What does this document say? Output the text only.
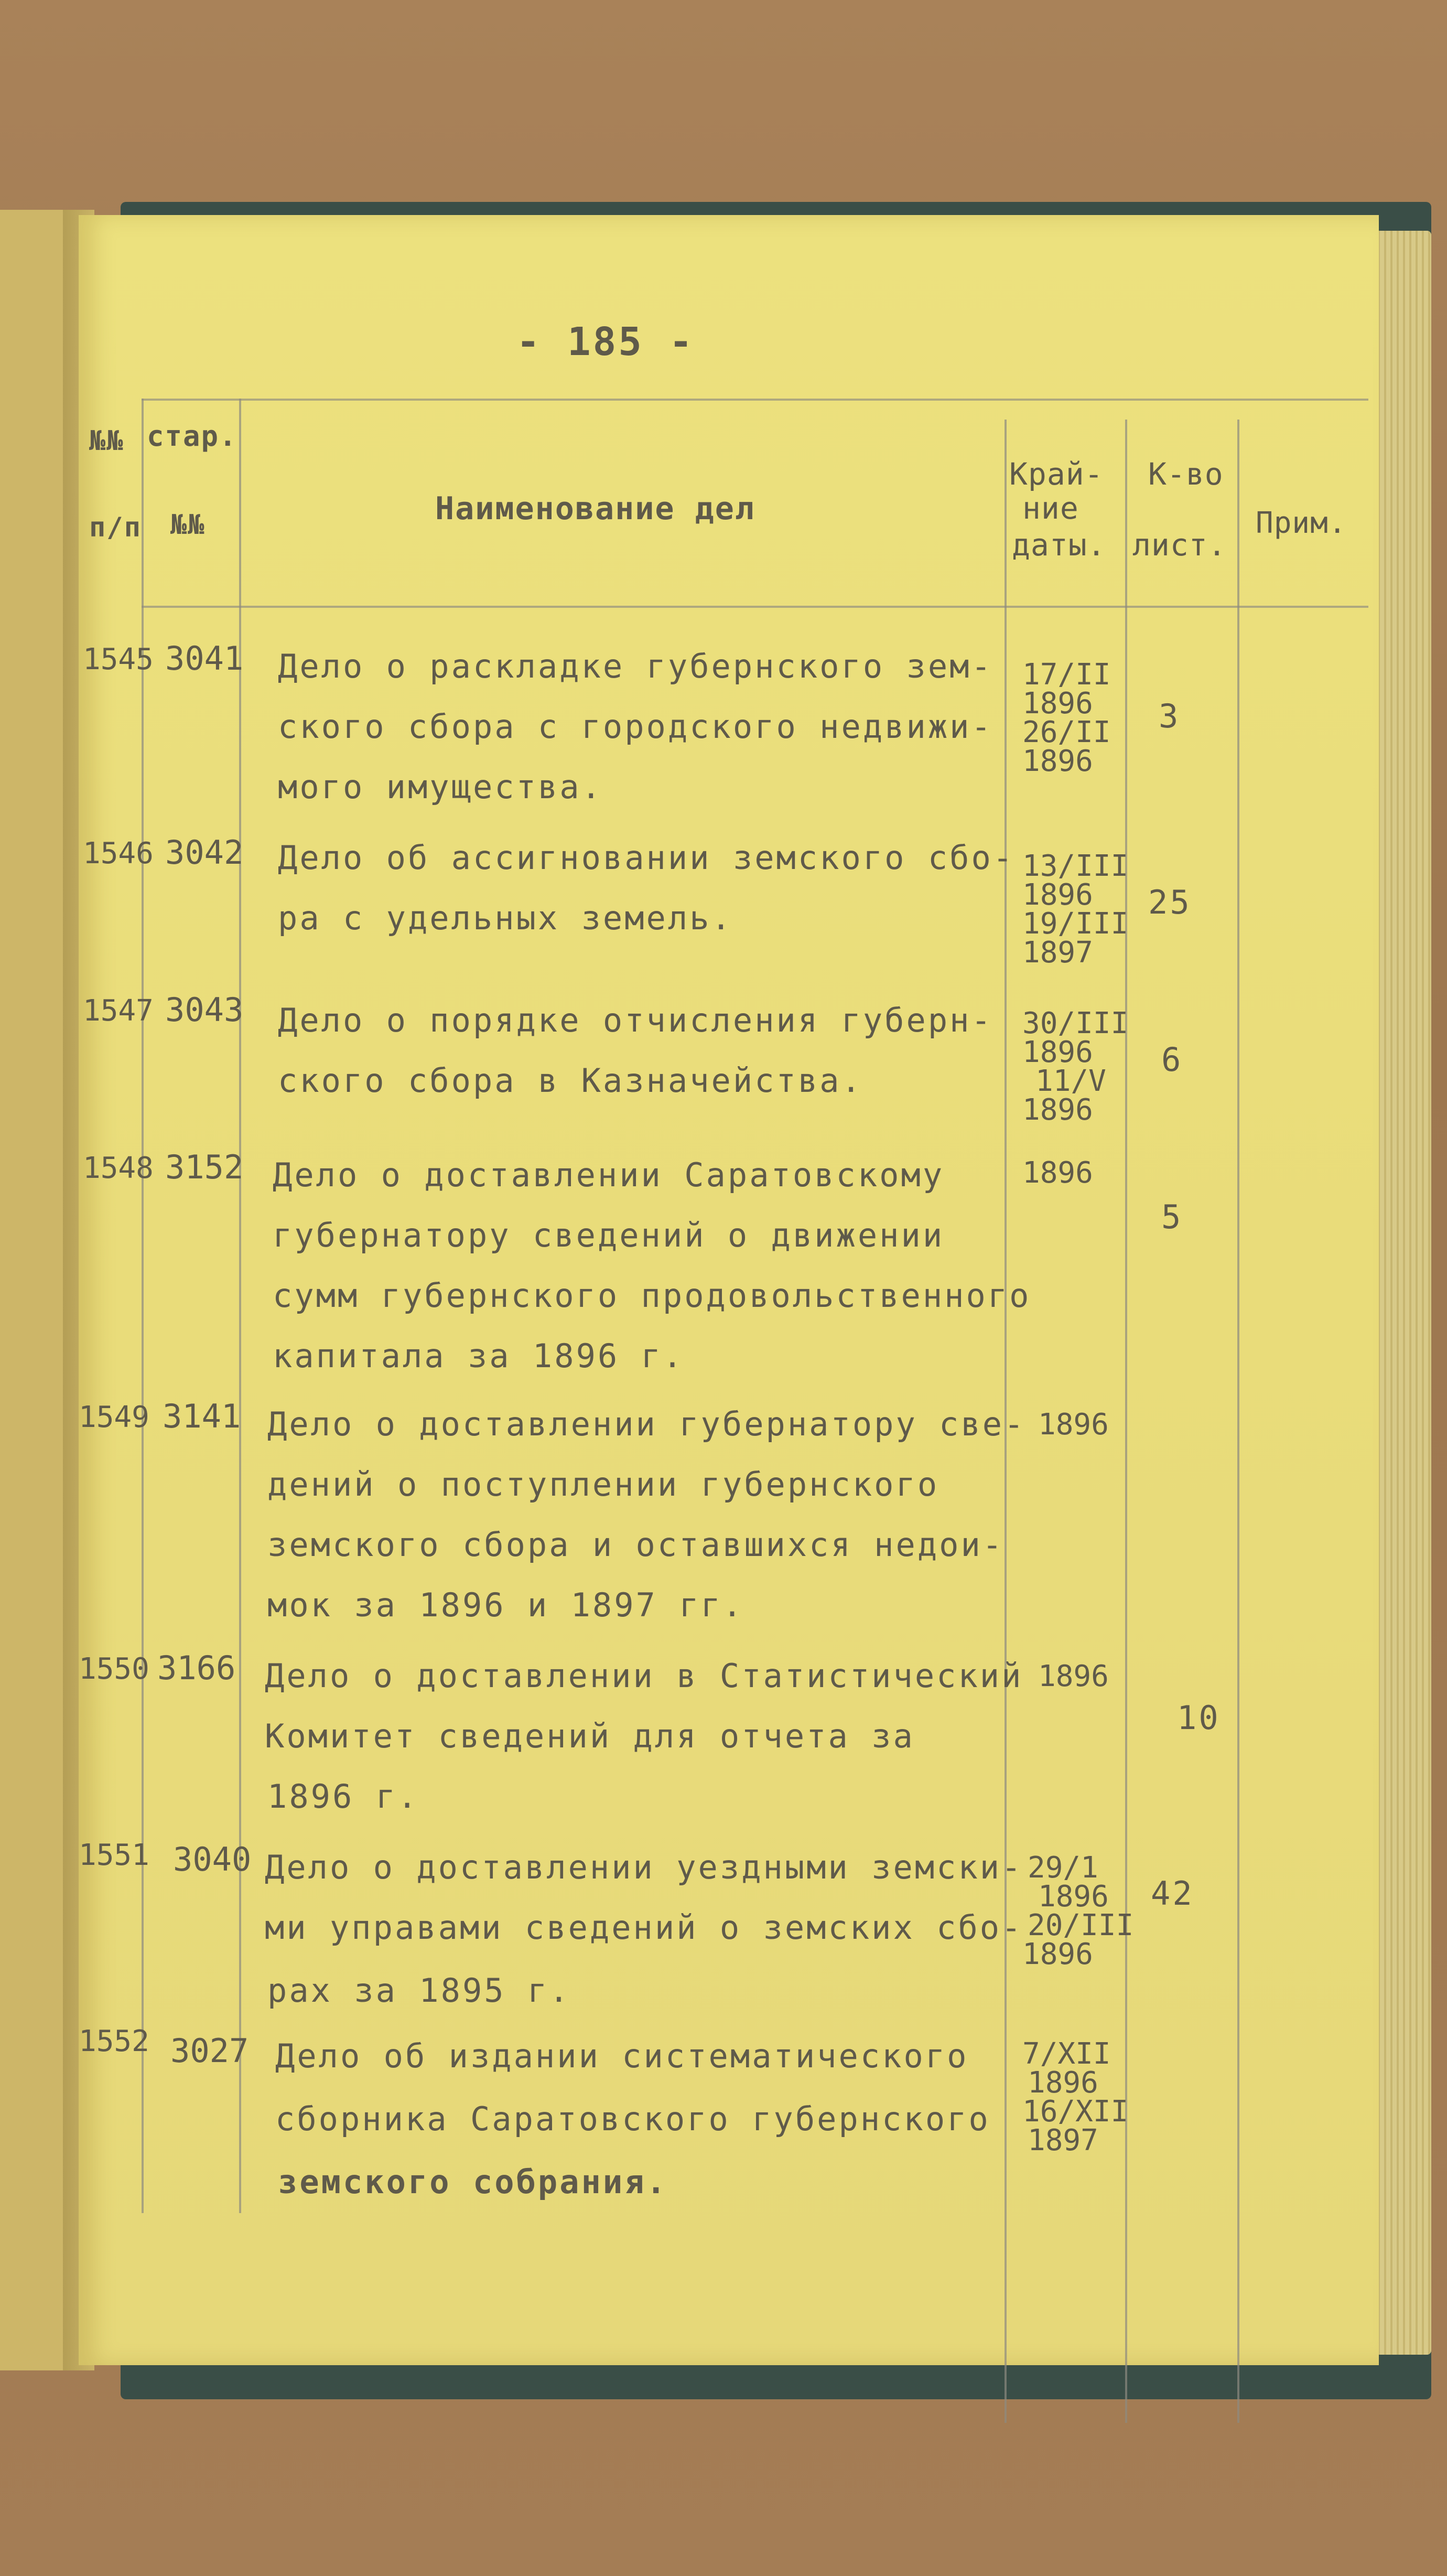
- 185 -
№№
п/п
стар.
№№	Наименование дел
Край-
ние
даты.
К-во
лист.
Прим.
1545 3041 Дело о раскладке губернского зем-
ского сбора с городского недвижи-
мого имущества.
17/II
1896
26/II
1896
3
1546 3042 Дело об ассигновании земского сбо-
ра с удельных земель.
13/III
1896
19/III
1897
25
1547 3043 Дело о порядке отчисления губерн-
ского сбора в Казначейства.
30/III
1896
11/V
1896
6
1548 3152 Дело о доставлении Саратовскому
губернатору сведений о движении
сумм губернского продовольственного
капитала за 1896 г.
1896
5
1549 3141 Дело о доставлении губернатору све-
дений о поступлении губернского
земского сбора и оставшихся недои-
мок за 1896 и 1897 гг.
1896
1550 3166 Дело о доставлении в Статистический
Комитет сведений для отчета за
1896 г.
1896
10
1551 3040 Дело о доставлении уездными земски-
ми управами сведений о земских сбо-
рах за 1895 г.
29/1
1896
20/III
1896
42
1552 3027 Дело об издании систематического
сборника Саратовского губернского
земского собрания.
7/XII
1896
16/XII
1897
